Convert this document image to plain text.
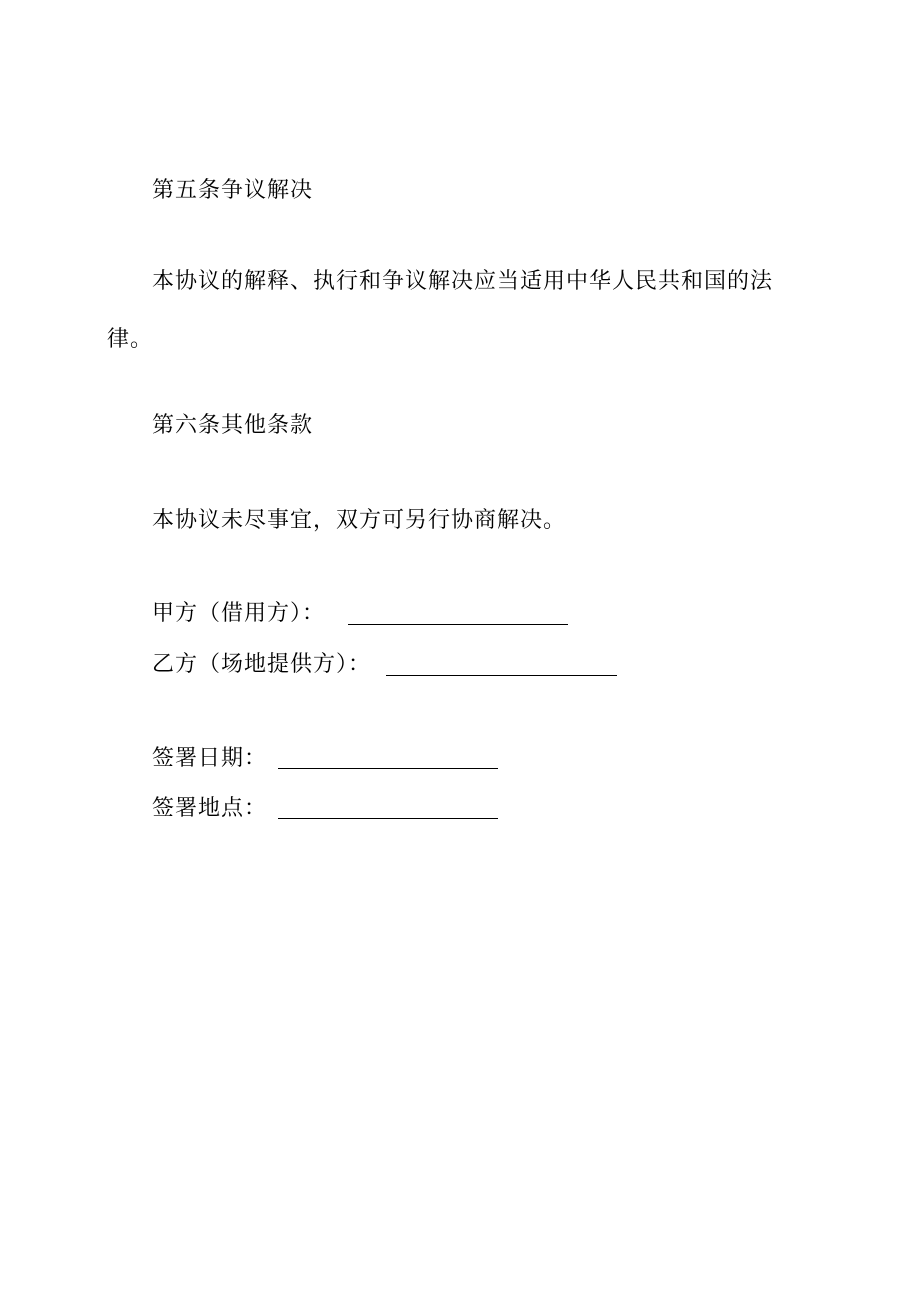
第五条争议解决
本协议的解释、执行和争议解决应当适用中华人民共和国的法律。
第六条其他条款
本协议未尽事宜，双方可另行协商解决。
甲方（借用方）：
乙方（场地提供方）：
签署日期：
签署地点：
